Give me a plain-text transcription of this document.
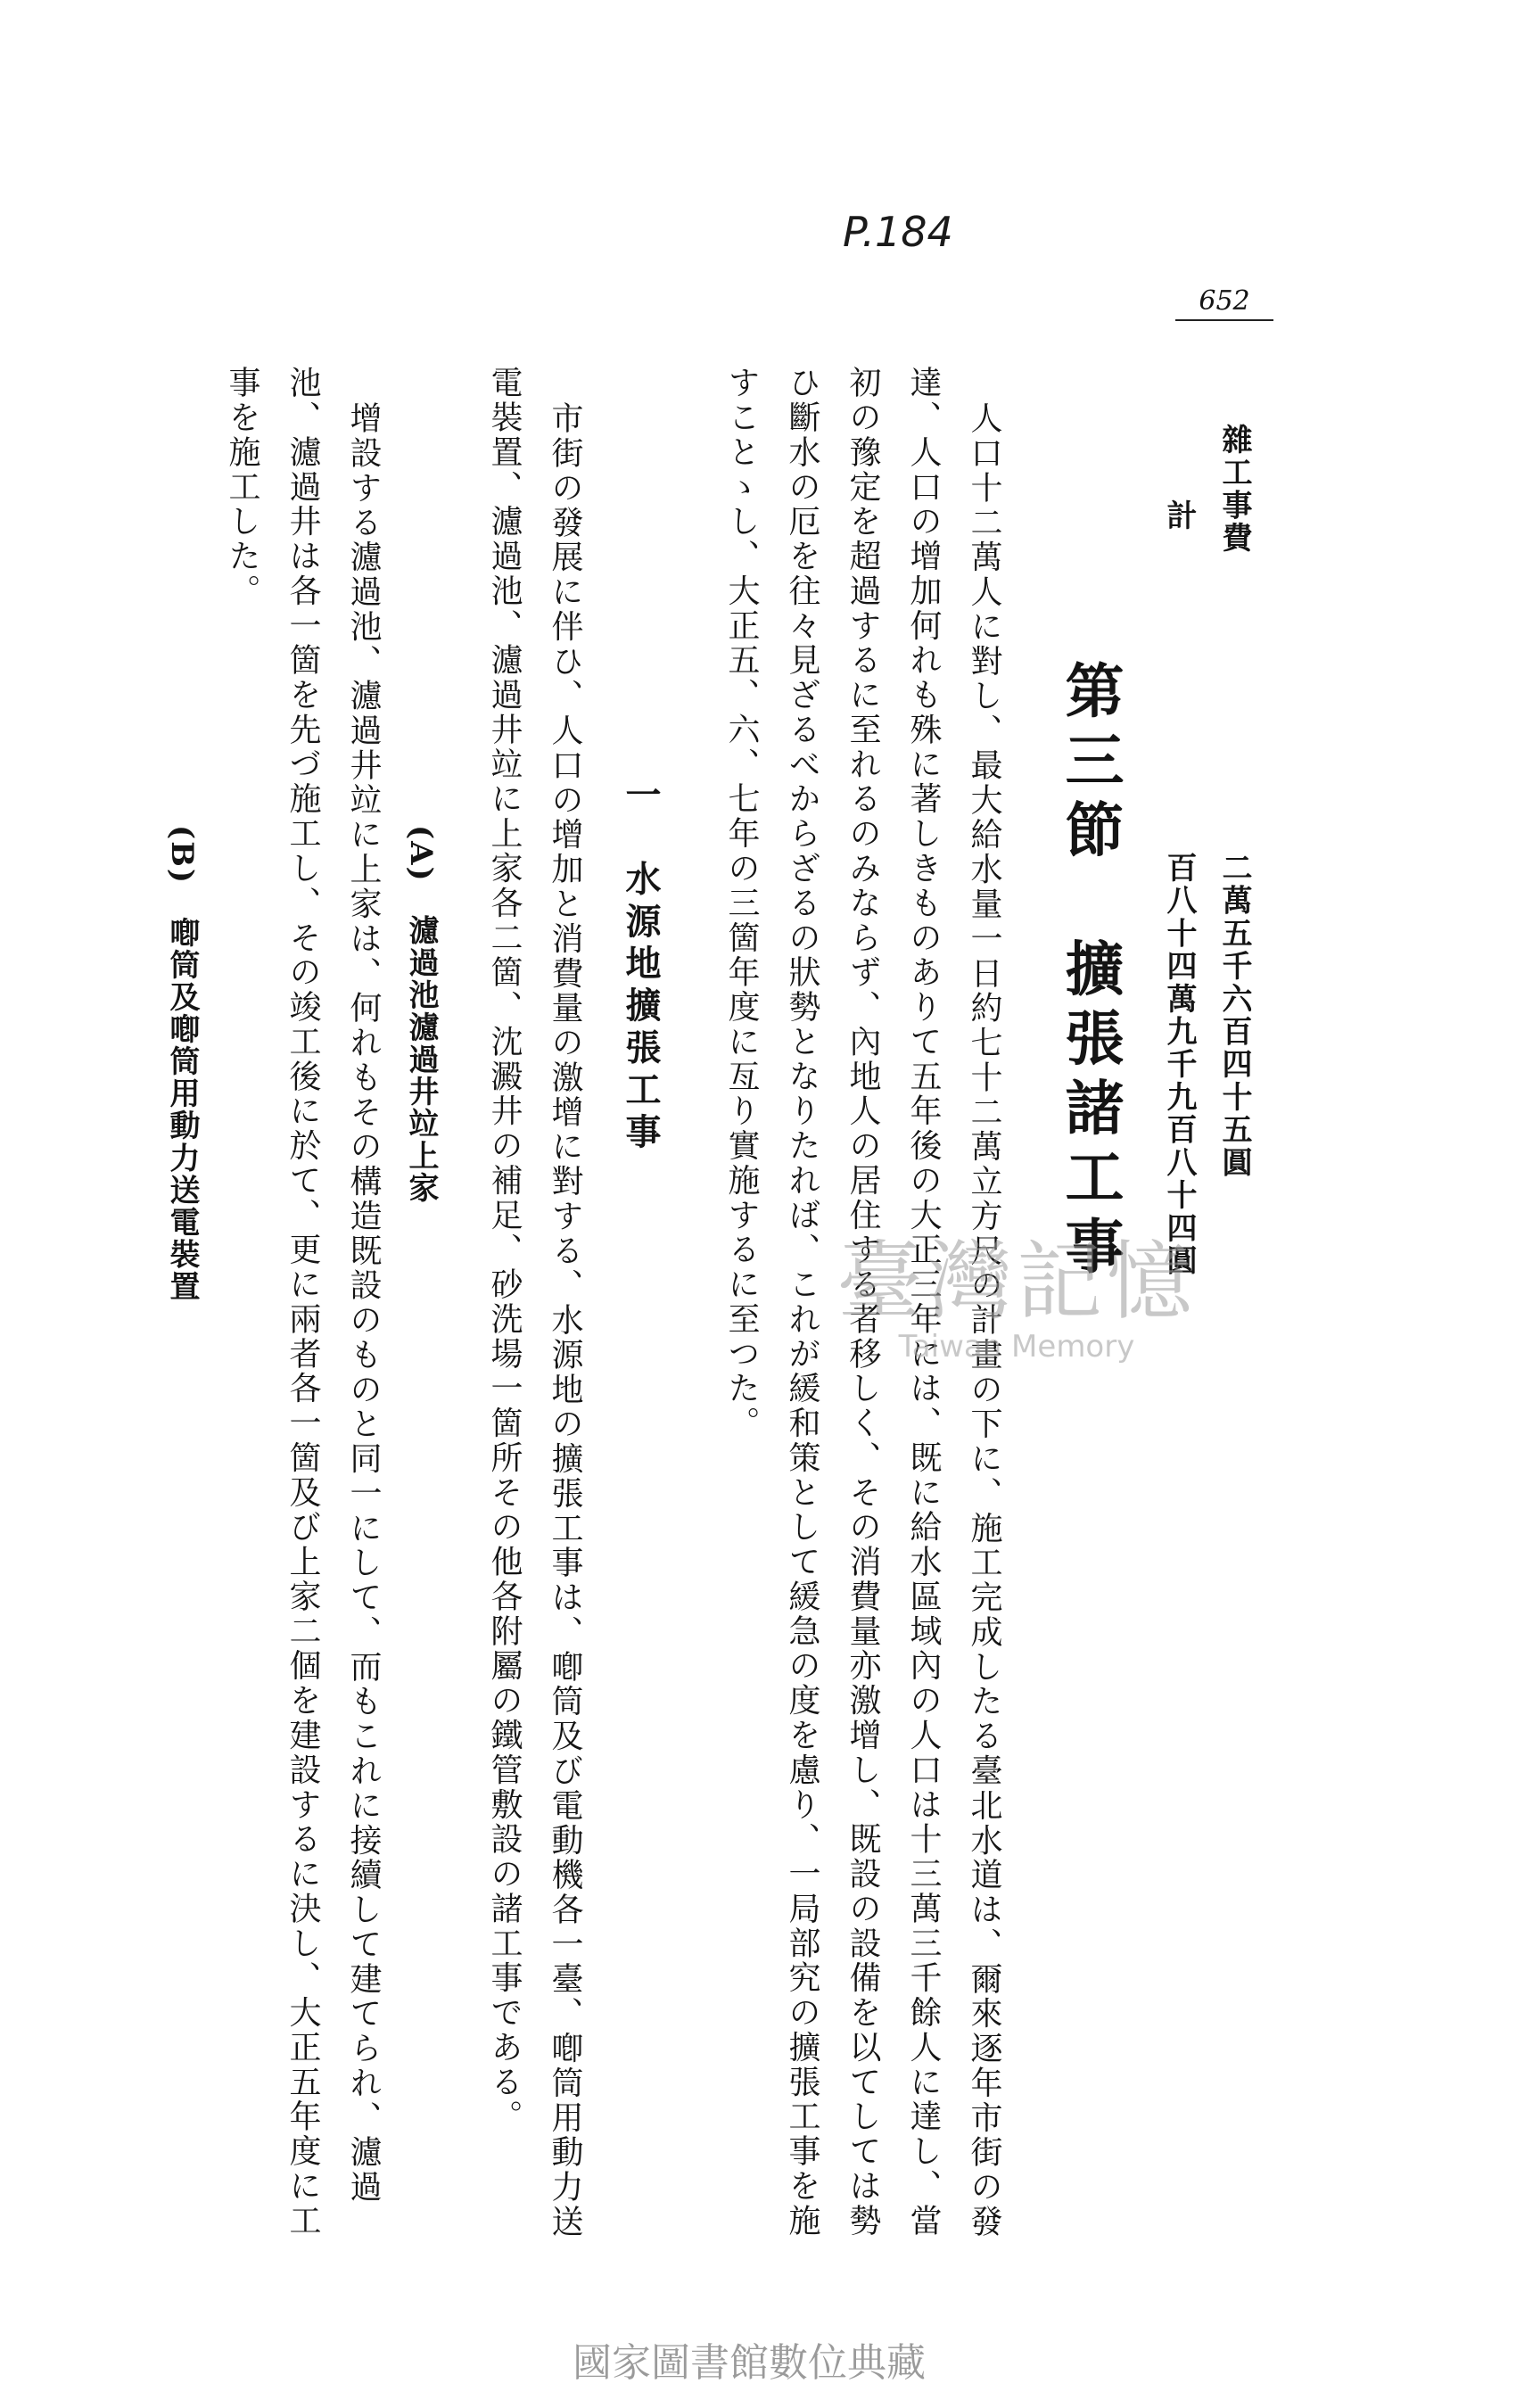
652
P.184
雜工事費
二萬五千六百四十五圓
計
百八十四萬九千九百八十四圓
第三節　擴張諸工事
人口十二萬人に對し、最大給水量一日約七十二萬立方尺の計畫の下に、施工完成したる臺北水道は、爾來逐年市街の發
達、人口の增加何れも殊に著しきものありて五年後の大正三年には、既に給水區域內の人口は十三萬三千餘人に達し、當
初の豫定を超過するに至れるのみならず、內地人の居住する者移しく、その消費量亦激增し、既設の設備を以てしては勢
ひ斷水の厄を往々見ざるべからざるの狀勢となりたれば、これが緩和策として緩急の度を慮り、一局部究の擴張工事を施
すことゝし、大正五、六、七年の三箇年度に亙り實施するに至つた。
一　水源地擴張工事
市街の發展に伴ひ、人口の增加と消費量の激增に對する、水源地の擴張工事は、喞筒及び電動機各一臺、喞筒用動力送
電裝置、濾過池、濾過井竝に上家各二箇、沈澱井の補足、砂洗場一箇所その他各附屬の鐵管敷設の諸工事である。
(A)　濾過池濾過井竝上家
增設する濾過池、濾過井竝に上家は、何れもその構造既設のものと同一にして、而もこれに接續して建てられ、濾過
池、濾過井は各一箇を先づ施工し、その竣工後に於て、更に兩者各一箇及び上家二個を建設するに決し、大正五年度に工
事を施工した。
(B)　喞筒及喞筒用動力送電裝置	臺灣記憶
Taiwan Memory
國家圖書館數位典藏
